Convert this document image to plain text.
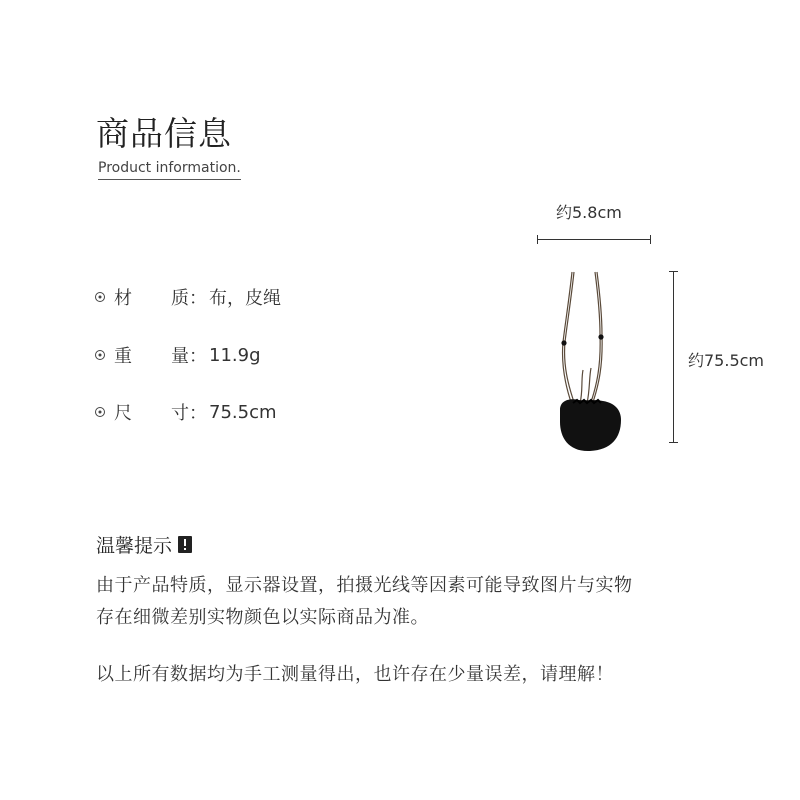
商品信息
Product information.
材 质 ： 布，皮绳
重 量 ： 11.9g
尺 寸 ： 75.5cm
约5.8cm
约75.5cm
温馨提示

由于产品特质，显示器设置，拍摄光线等因素可能导致图片与实物
存在细微差别实物颜色以实际商品为准。

以上所有数据均为手工测量得出，也许存在少量误差，请理解！
